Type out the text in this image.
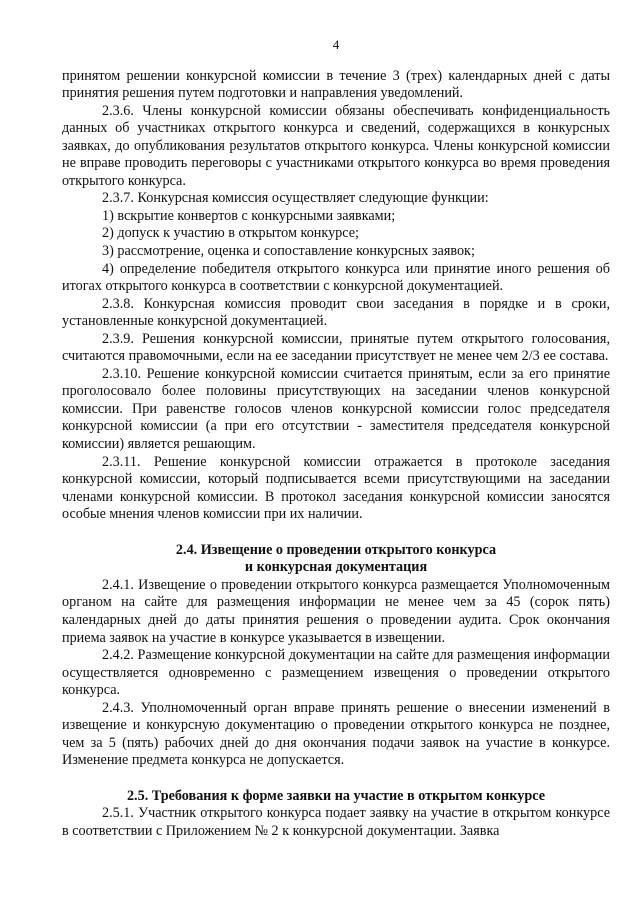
4

принятом решении конкурсной комиссии в течение 3 (трех) календарных дней с даты принятия решения путем подготовки и направления уведомлений.

2.3.6. Члены конкурсной комиссии обязаны обеспечивать конфиденциальность данных об участниках открытого конкурса и сведений, содержащихся в конкурсных заявках, до опубликования результатов открытого конкурса. Члены конкурсной комиссии не вправе проводить переговоры с участниками открытого конкурса во время проведения открытого конкурса.

2.3.7. Конкурсная комиссия осуществляет следующие функции:

1) вскрытие конвертов с конкурсными заявками;

2) допуск к участию в открытом конкурсе;

3) рассмотрение, оценка и сопоставление конкурсных заявок;

4) определение победителя открытого конкурса или принятие иного решения об итогах открытого конкурса в соответствии с конкурсной документацией.

2.3.8. Конкурсная комиссия проводит свои заседания в порядке и в сроки, установленные конкурсной документацией.

2.3.9. Решения конкурсной комиссии, принятые путем открытого голосования, считаются правомочными, если на ее заседании присутствует не менее чем 2/3 ее состава.

2.3.10. Решение конкурсной комиссии считается принятым, если за его принятие проголосовало более половины присутствующих на заседании членов конкурсной комиссии. При равенстве голосов членов конкурсной комиссии голос председателя конкурсной комиссии (а при его отсутствии - заместителя председателя конкурсной комиссии) является решающим.

2.3.11. Решение конкурсной комиссии отражается в протоколе заседания конкурсной комиссии, который подписывается всеми присутствующими на заседании членами конкурсной комиссии. В протокол заседания конкурсной комиссии заносятся особые мнения членов комиссии при их наличии.

2.4. Извещение о проведении открытого конкурса
и конкурсная документация

2.4.1. Извещение о проведении открытого конкурса размещается Уполномоченным органом на сайте для размещения информации не менее чем за 45 (сорок пять) календарных дней до даты принятия решения о проведении аудита. Срок окончания приема заявок на участие в конкурсе указывается в извещении.

2.4.2. Размещение конкурсной документации на сайте для размещения информации осуществляется одновременно с размещением извещения о проведении открытого конкурса.

2.4.3. Уполномоченный орган вправе принять решение о внесении изменений в извещение и конкурсную документацию о проведении открытого конкурса не позднее, чем за 5 (пять) рабочих дней до дня окончания подачи заявок на участие в конкурсе. Изменение предмета конкурса не допускается.

2.5. Требования к форме заявки на участие в открытом конкурсе

2.5.1. Участник открытого конкурса подает заявку на участие в открытом конкурсе в соответствии с Приложением № 2 к конкурсной документации. Заявка
